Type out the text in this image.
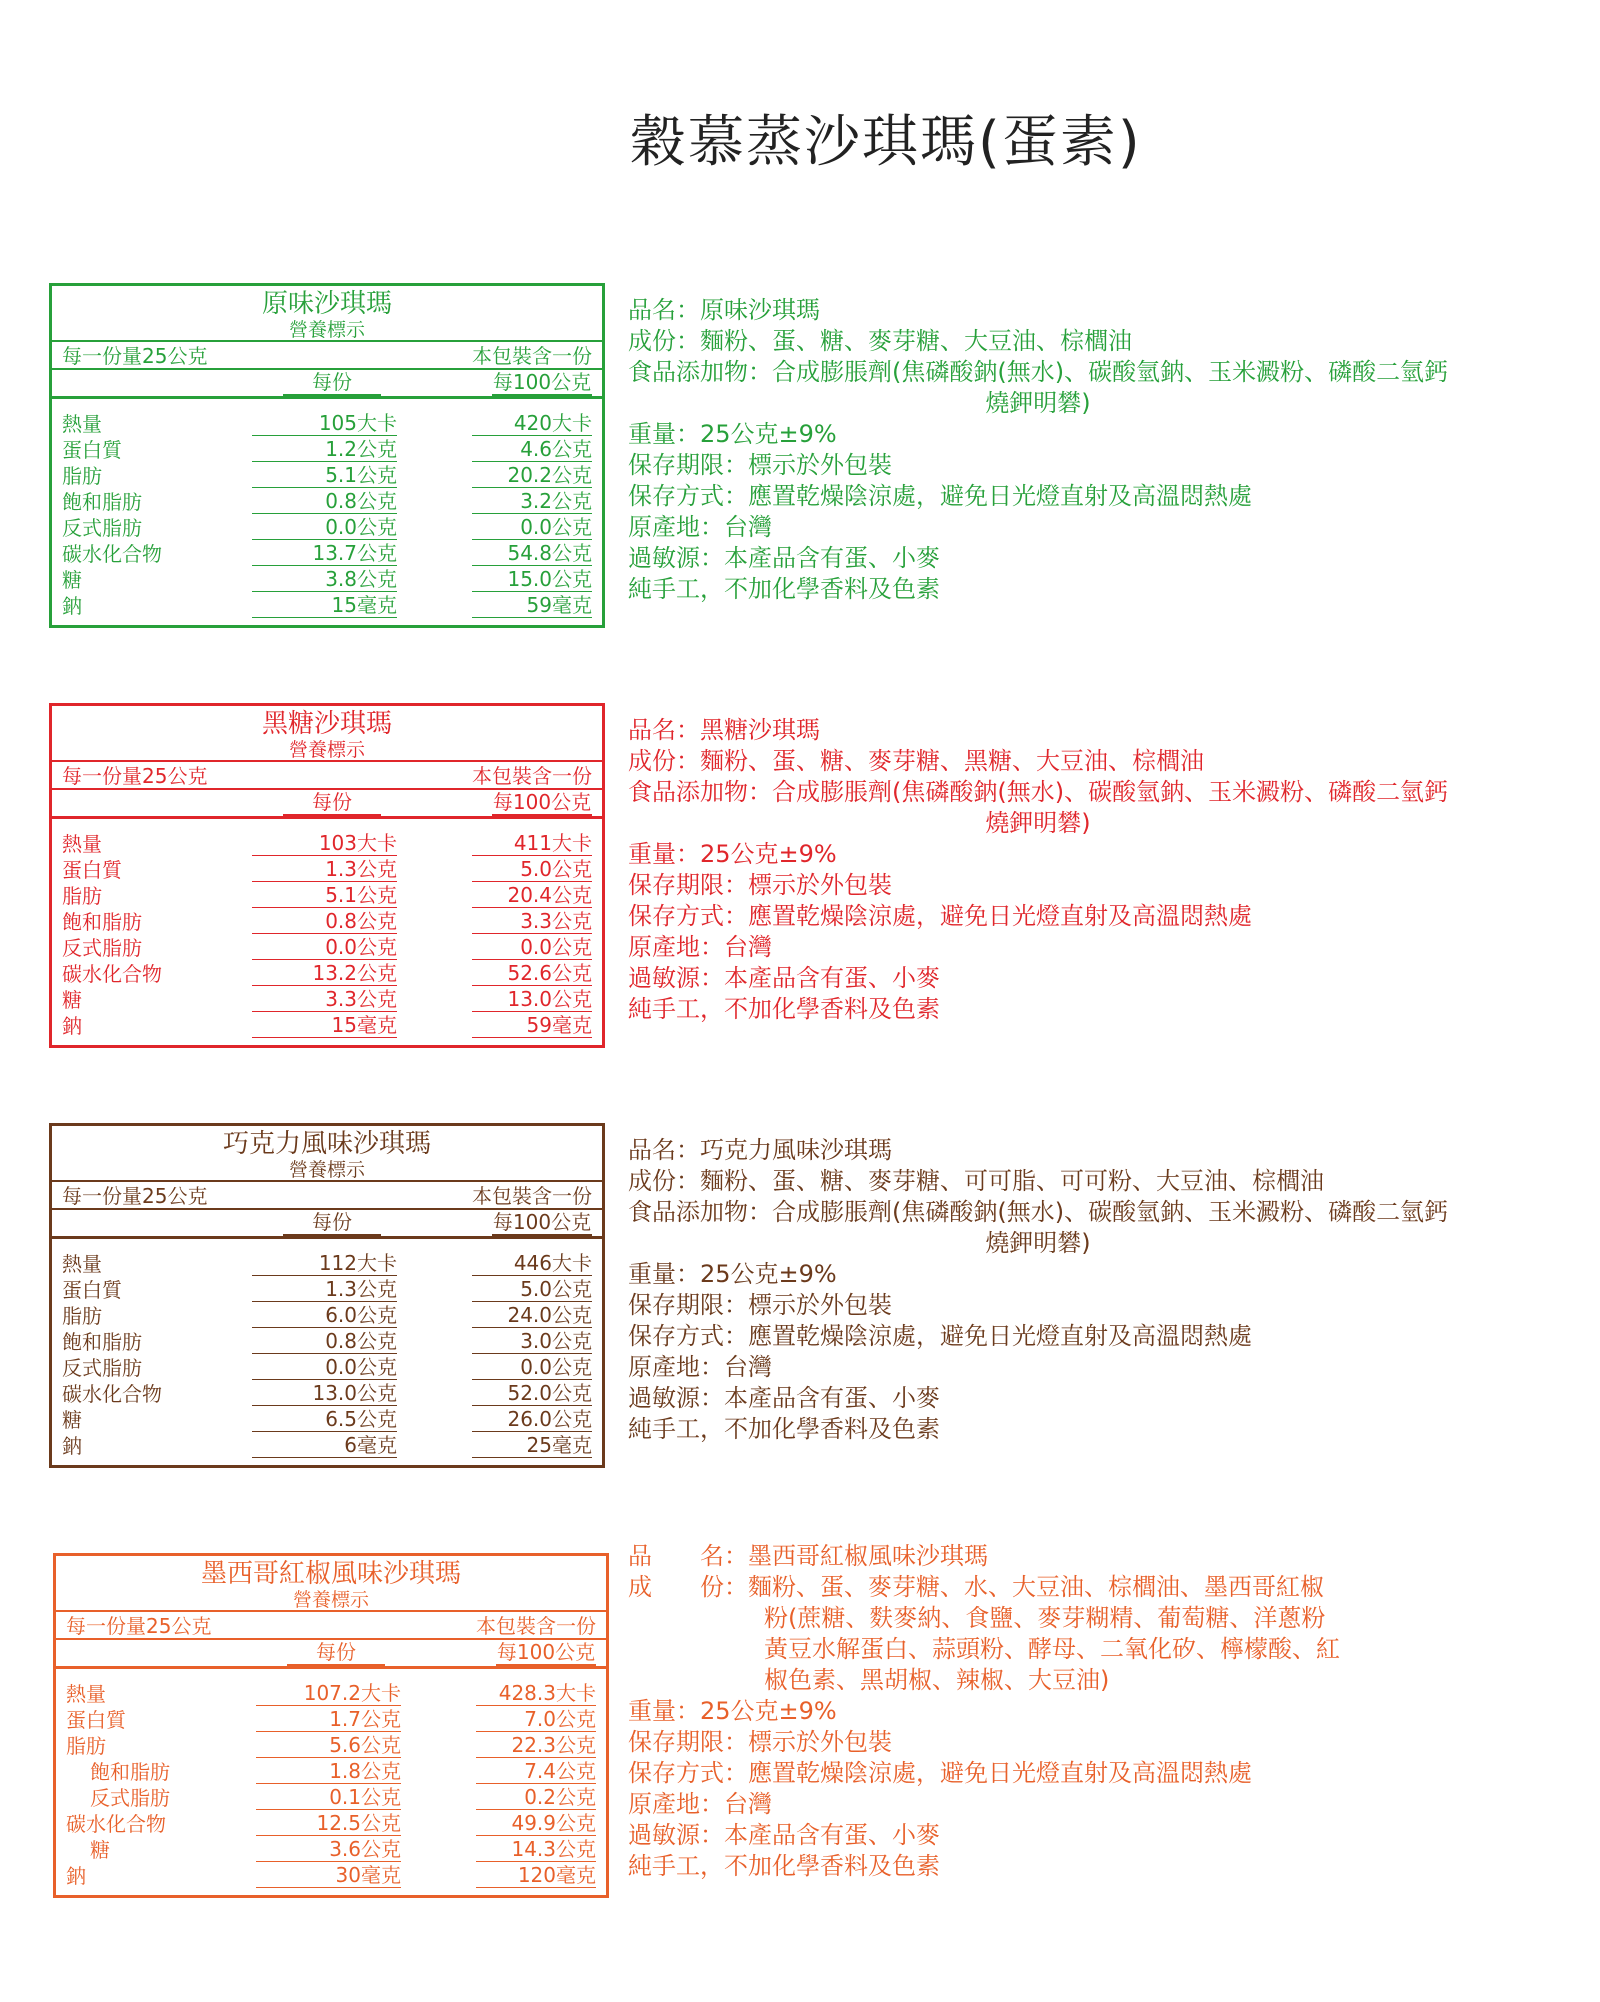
穀慕蒸沙琪瑪(蛋素)
原味沙琪瑪
營養標示
每一份量25公克	本包裝含一份
每份	每100公克
熱量	105大卡	420大卡
蛋白質	1.2公克	4.6公克
脂肪	5.1公克	20.2公克
飽和脂肪	0.8公克	3.2公克
反式脂肪	0.0公克	0.0公克
碳水化合物	13.7公克	54.8公克
糖	3.8公克	15.0公克
鈉	15毫克	59毫克
品名：原味沙琪瑪
成份：麵粉、蛋、糖、麥芽糖、大豆油、棕櫚油
食品添加物：合成膨脹劑(焦磷酸鈉(無水)、碳酸氫鈉、玉米澱粉、磷酸二氫鈣
燒鉀明礬)
重量：25公克±9%
保存期限：標示於外包裝
保存方式：應置乾燥陰涼處，避免日光燈直射及高溫悶熱處
原產地：台灣
過敏源：本產品含有蛋、小麥
純手工，不加化學香料及色素
黑糖沙琪瑪
營養標示
每一份量25公克	本包裝含一份
每份	每100公克
熱量	103大卡	411大卡
蛋白質	1.3公克	5.0公克
脂肪	5.1公克	20.4公克
飽和脂肪	0.8公克	3.3公克
反式脂肪	0.0公克	0.0公克
碳水化合物	13.2公克	52.6公克
糖	3.3公克	13.0公克
鈉	15毫克	59毫克
品名：黑糖沙琪瑪
成份：麵粉、蛋、糖、麥芽糖、黑糖、大豆油、棕櫚油
食品添加物：合成膨脹劑(焦磷酸鈉(無水)、碳酸氫鈉、玉米澱粉、磷酸二氫鈣
燒鉀明礬)
重量：25公克±9%
保存期限：標示於外包裝
保存方式：應置乾燥陰涼處，避免日光燈直射及高溫悶熱處
原產地：台灣
過敏源：本產品含有蛋、小麥
純手工，不加化學香料及色素
巧克力風味沙琪瑪
營養標示
每一份量25公克	本包裝含一份
每份	每100公克
熱量	112大卡	446大卡
蛋白質	1.3公克	5.0公克
脂肪	6.0公克	24.0公克
飽和脂肪	0.8公克	3.0公克
反式脂肪	0.0公克	0.0公克
碳水化合物	13.0公克	52.0公克
糖	6.5公克	26.0公克
鈉	6毫克	25毫克
品名：巧克力風味沙琪瑪
成份：麵粉、蛋、糖、麥芽糖、可可脂、可可粉、大豆油、棕櫚油
食品添加物：合成膨脹劑(焦磷酸鈉(無水)、碳酸氫鈉、玉米澱粉、磷酸二氫鈣
燒鉀明礬)
重量：25公克±9%
保存期限：標示於外包裝
保存方式：應置乾燥陰涼處，避免日光燈直射及高溫悶熱處
原產地：台灣
過敏源：本產品含有蛋、小麥
純手工，不加化學香料及色素
墨西哥紅椒風味沙琪瑪
營養標示
每一份量25公克	本包裝含一份
每份	每100公克
熱量	107.2大卡	428.3大卡
蛋白質	1.7公克	7.0公克
脂肪	5.6公克	22.3公克
飽和脂肪	1.8公克	7.4公克
反式脂肪	0.1公克	0.2公克
碳水化合物	12.5公克	49.9公克
糖	3.6公克	14.3公克
鈉	30毫克	120毫克
品　　名：墨西哥紅椒風味沙琪瑪
成　　份：麵粉、蛋、麥芽糖、水、大豆油、棕櫚油、墨西哥紅椒
粉(蔗糖、麩麥納、食鹽、麥芽糊精、葡萄糖、洋蔥粉
黃豆水解蛋白、蒜頭粉、酵母、二氧化矽、檸檬酸、紅
椒色素、黑胡椒、辣椒、大豆油)
重量：25公克±9%
保存期限：標示於外包裝
保存方式：應置乾燥陰涼處，避免日光燈直射及高溫悶熱處
原產地：台灣
過敏源：本產品含有蛋、小麥
純手工，不加化學香料及色素
